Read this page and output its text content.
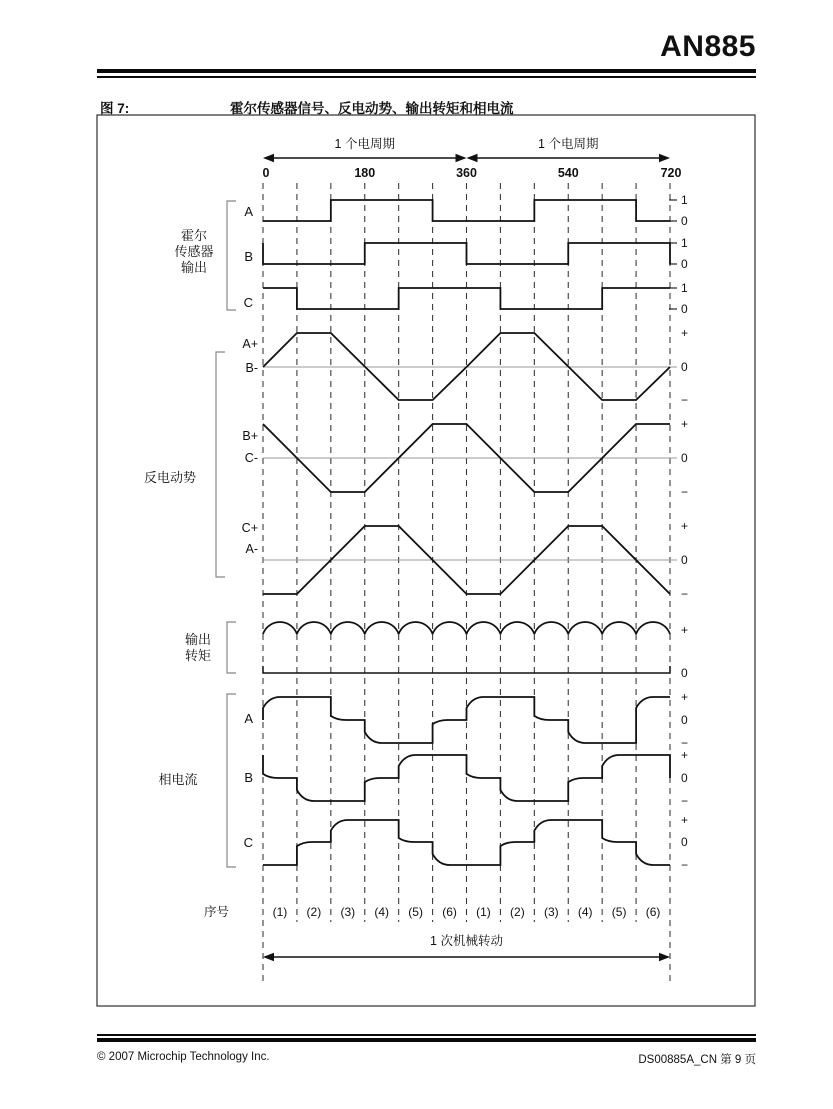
AN885
图 7:	霍尔传感器信号、反电动势、输出转矩和相电流
1 个电周期	1 个电周期
0	180	360	540	720
A
1
0
B
1
0
C
1
0
霍尔
传感器
输出
A+
B-
+
0
−
B+
C-
+
0
−
C+
A-
+
0
−
反电动势
+
0
输出
转矩
A
+
0
−
B
+
0
−
C
+
0
−
相电流
序号	(1) (2) (3) (4) (5) (6) (1) (2) (3) (4) (5) (6)
1 次机械转动
© 2007 Microchip Technology Inc.	DS00885A_CN 第 9 页
